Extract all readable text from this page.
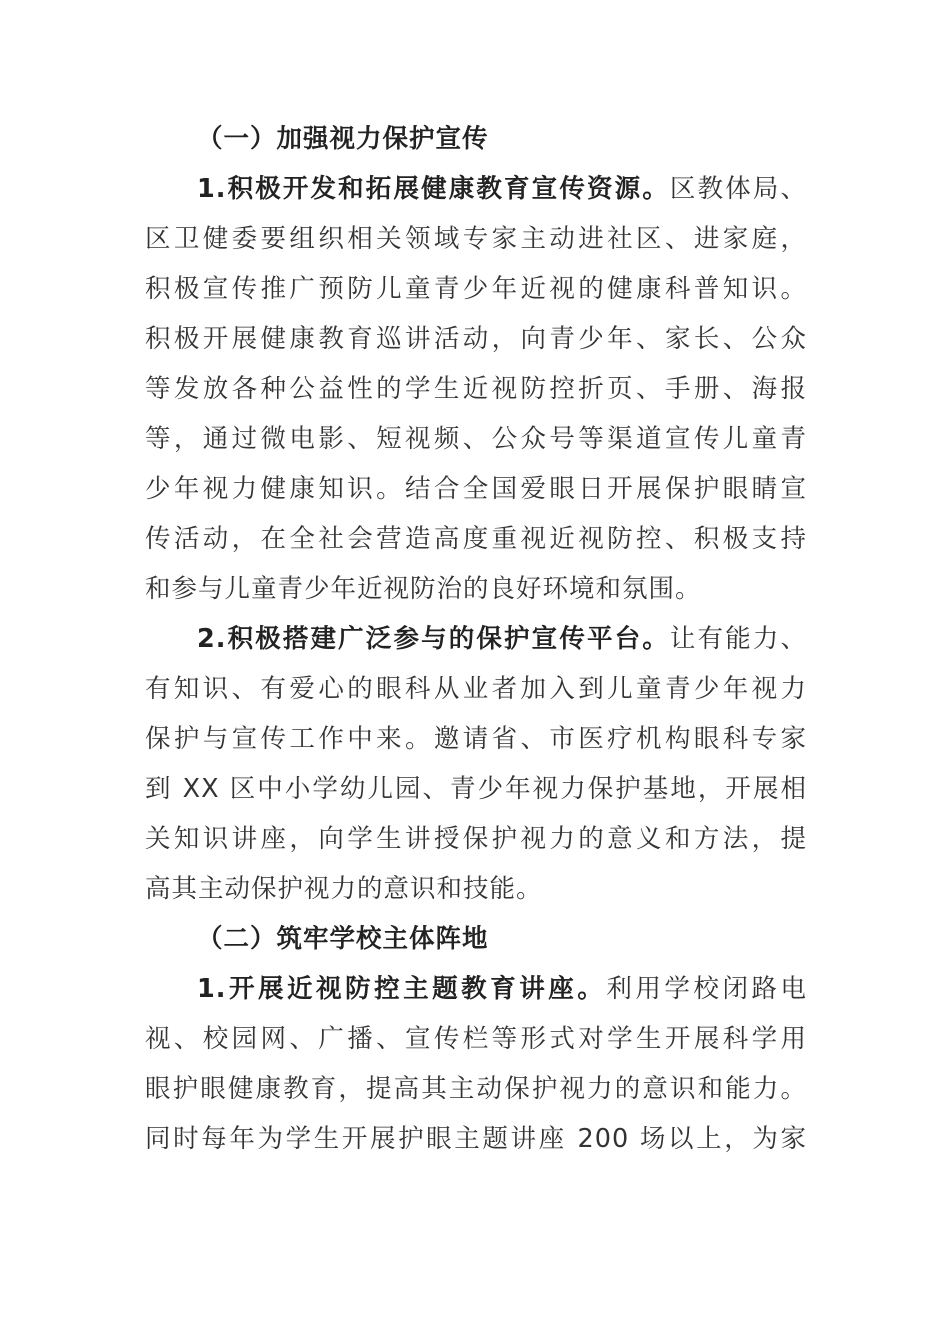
（一）加强视力保护宣传
1.积极开发和拓展健康教育宣传资源。区教体局、
区卫健委要组织相关领域专家主动进社区、进家庭，
积极宣传推广预防儿童青少年近视的健康科普知识。
积极开展健康教育巡讲活动，向青少年、家长、公众
等发放各种公益性的学生近视防控折页、手册、海报
等，通过微电影、短视频、公众号等渠道宣传儿童青
少年视力健康知识。结合全国爱眼日开展保护眼睛宣
传活动，在全社会营造高度重视近视防控、积极支持
和参与儿童青少年近视防治的良好环境和氛围。
2.积极搭建广泛参与的保护宣传平台。让有能力、
有知识、有爱心的眼科从业者加入到儿童青少年视力
保护与宣传工作中来。邀请省、市医疗机构眼科专家
到 XX 区中小学幼儿园、青少年视力保护基地，开展相
关知识讲座，向学生讲授保护视力的意义和方法，提
高其主动保护视力的意识和技能。
（二）筑牢学校主体阵地
1.开展近视防控主题教育讲座。利用学校闭路电
视、校园网、广播、宣传栏等形式对学生开展科学用
眼护眼健康教育，提高其主动保护视力的意识和能力。
同时每年为学生开展护眼主题讲座 200 场以上，为家
